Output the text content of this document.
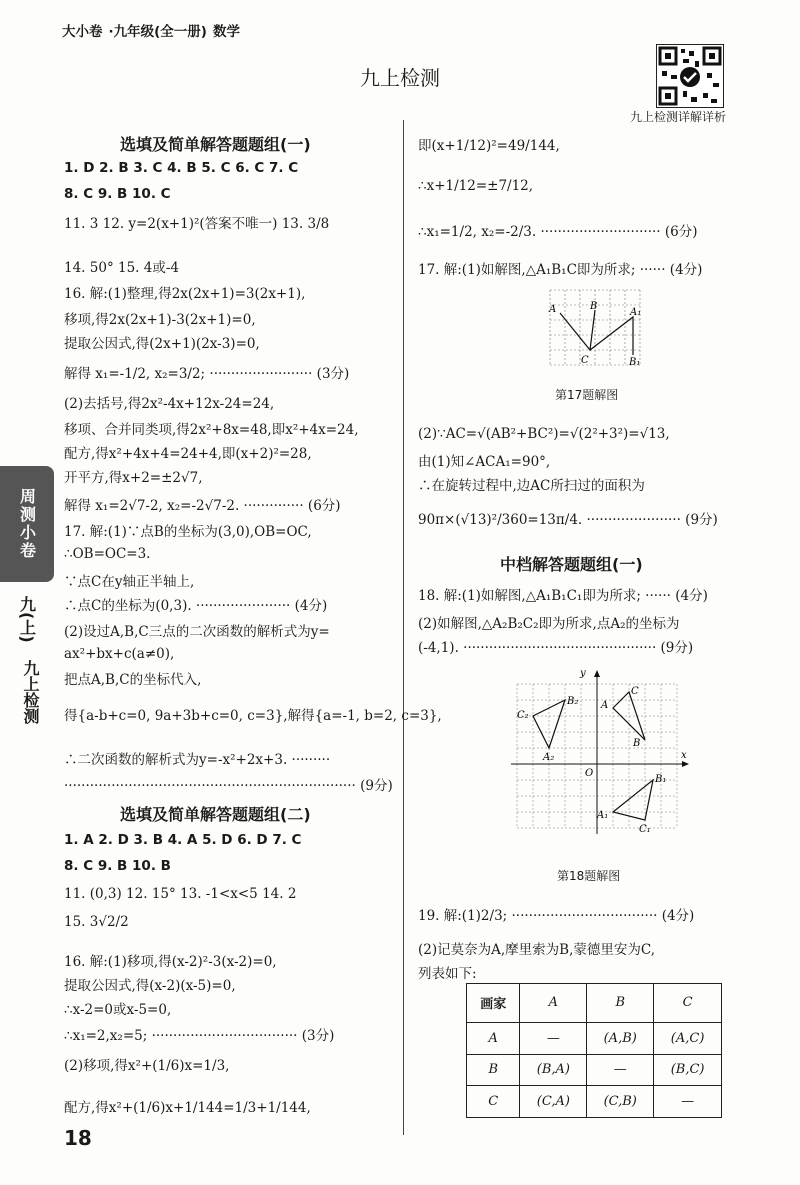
大小卷 ·九年级(全一册) 数学
九上检测
九上检测详解详析
周测小卷
九(上)
九上检测
选填及简单解答题题组(一)
1. D 2. B 3. C 4. B 5. C 6. C 7. C
8. C 9. B 10. C
11. 3 12. y=2(x+1)²(答案不唯一) 13. 3/8
14. 50° 15. 4或-4
16. 解:(1)整理,得2x(2x+1)=3(2x+1),
移项,得2x(2x+1)-3(2x+1)=0,
提取公因式,得(2x+1)(2x-3)=0,
解得 x₁=-1/2, x₂=3/2; ························ (3分)
(2)去括号,得2x²-4x+12x-24=24,
移项、合并同类项,得2x²+8x=48,即x²+4x=24,
配方,得x²+4x+4=24+4,即(x+2)²=28,
开平方,得x+2=±2√7,
解得 x₁=2√7-2, x₂=-2√7-2. ·············· (6分)
17. 解:(1)∵点B的坐标为(3,0),OB=OC,
∴OB=OC=3.
∵点C在y轴正半轴上,
∴点C的坐标为(0,3). ······················ (4分)
(2)设过A,B,C三点的二次函数的解析式为y=
ax²+bx+c(a≠0),
把点A,B,C的坐标代入,
得{a-b+c=0, 9a+3b+c=0, c=3},解得{a=-1, b=2, c=3},
∴二次函数的解析式为y=-x²+2x+3. ·········
···································································· (9分)
选填及简单解答题题组(二)
1. A 2. D 3. B 4. A 5. D 6. D 7. C
8. C 9. B 10. B
11. (0,3) 12. 15° 13. -1<x<5 14. 2
15. 3√2/2
16. 解:(1)移项,得(x-2)²-3(x-2)=0,
提取公因式,得(x-2)(x-5)=0,
∴x-2=0或x-5=0,
∴x₁=2,x₂=5; ·································· (3分)
(2)移项,得x²+(1/6)x=1/3,
配方,得x²+(1/6)x+1/144=1/3+1/144,
即(x+1/12)²=49/144,
∴x+1/12=±7/12,
∴x₁=1/2, x₂=-2/3. ···························· (6分)
17. 解:(1)如解图,△A₁B₁C即为所求; ······ (4分)
(2)∵AC=√(AB²+BC²)=√(2²+3²)=√13,
由(1)知∠ACA₁=90°,
∴在旋转过程中,边AC所扫过的面积为
90π×(√13)²/360=13π/4. ······················ (9分)
中档解答题题组(一)
18. 解:(1)如解图,△A₁B₁C₁即为所求; ······ (4分)
(2)如解图,△A₂B₂C₂即为所求,点A₂的坐标为
(-4,1). ············································· (9分)
19. 解:(1)2/3; ·································· (4分)
(2)记莫奈为A,摩里索为B,蒙德里安为C,
列表如下:
A	B
A₁
B₁
C
第17题解图
y
x
O
A
B
C
A₁
B₁
C₁
A₂
B₂
C₂
第18题解图
画家	A	B	C
A	—	(A,B)	(A,C)
B	(B,A)	—	(B,C)
C	(C,A)	(C,B)	—
18
